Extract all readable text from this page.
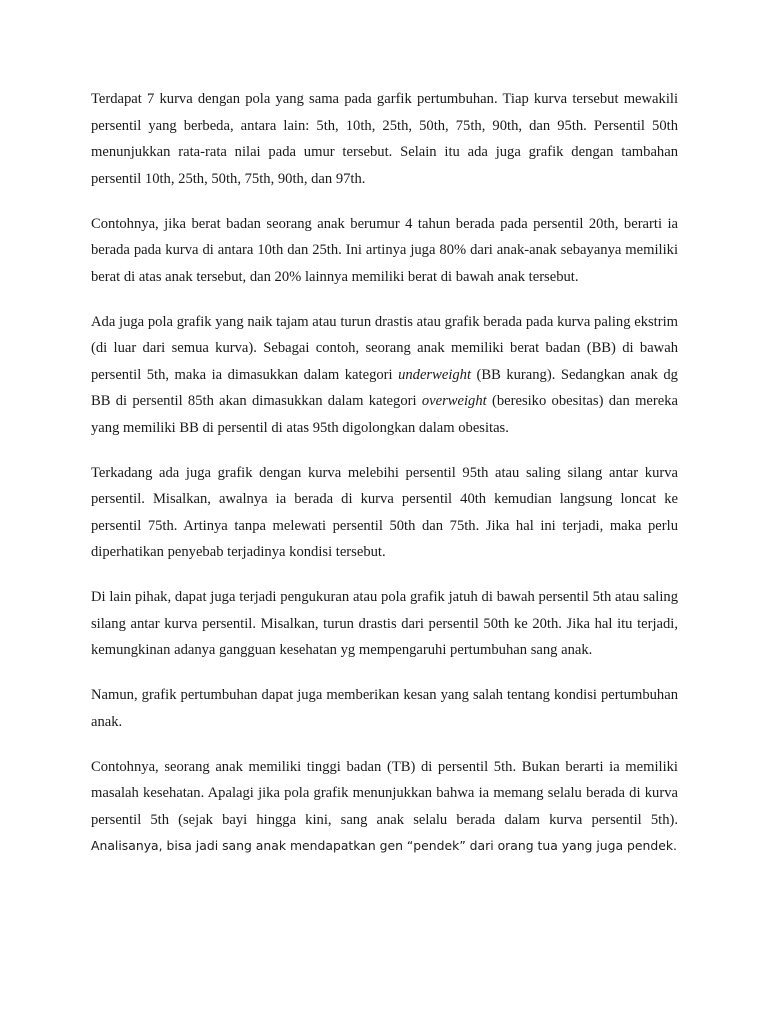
Terdapat 7 kurva dengan pola yang sama pada garfik pertumbuhan. Tiap kurva tersebut mewakili persentil yang berbeda, antara lain: 5th, 10th, 25th, 50th, 75th, 90th, dan 95th. Persentil 50th menunjukkan rata-rata nilai pada umur tersebut. Selain itu ada juga grafik dengan tambahan persentil 10th, 25th, 50th, 75th, 90th, dan 97th.

Contohnya, jika berat badan seorang anak berumur 4 tahun berada pada persentil 20th, berarti ia berada pada kurva di antara 10th dan 25th. Ini artinya juga 80% dari anak-anak sebayanya memiliki berat di atas anak tersebut, dan 20% lainnya memiliki berat di bawah anak tersebut.

Ada juga pola grafik yang naik tajam atau turun drastis atau grafik berada pada kurva paling ekstrim (di luar dari semua kurva). Sebagai contoh, seorang anak memiliki berat badan (BB) di bawah persentil 5th, maka ia dimasukkan dalam kategori underweight (BB kurang). Sedangkan anak dg BB di persentil 85th akan dimasukkan dalam kategori overweight (beresiko obesitas) dan mereka yang memiliki BB di persentil di atas 95th digolongkan dalam obesitas.

Terkadang ada juga grafik dengan kurva melebihi persentil 95th atau saling silang antar kurva persentil. Misalkan, awalnya ia berada di kurva persentil 40th kemudian langsung loncat ke persentil 75th. Artinya tanpa melewati persentil 50th dan 75th. Jika hal ini terjadi, maka perlu diperhatikan penyebab terjadinya kondisi tersebut.

Di lain pihak, dapat juga terjadi pengukuran atau pola grafik jatuh di bawah persentil 5th atau saling silang antar kurva persentil. Misalkan, turun drastis dari persentil 50th ke 20th. Jika hal itu terjadi, kemungkinan adanya gangguan kesehatan yg mempengaruhi pertumbuhan sang anak.

Namun, grafik pertumbuhan dapat juga memberikan kesan yang salah tentang kondisi pertumbuhan anak.

Contohnya, seorang anak memiliki tinggi badan (TB) di persentil 5th. Bukan berarti ia memiliki masalah kesehatan. Apalagi jika pola grafik menunjukkan bahwa ia memang selalu berada di kurva persentil 5th (sejak bayi hingga kini, sang anak selalu berada dalam kurva persentil 5th). Analisanya, bisa jadi sang anak mendapatkan gen “pendek” dari orang tua yang juga pendek.
